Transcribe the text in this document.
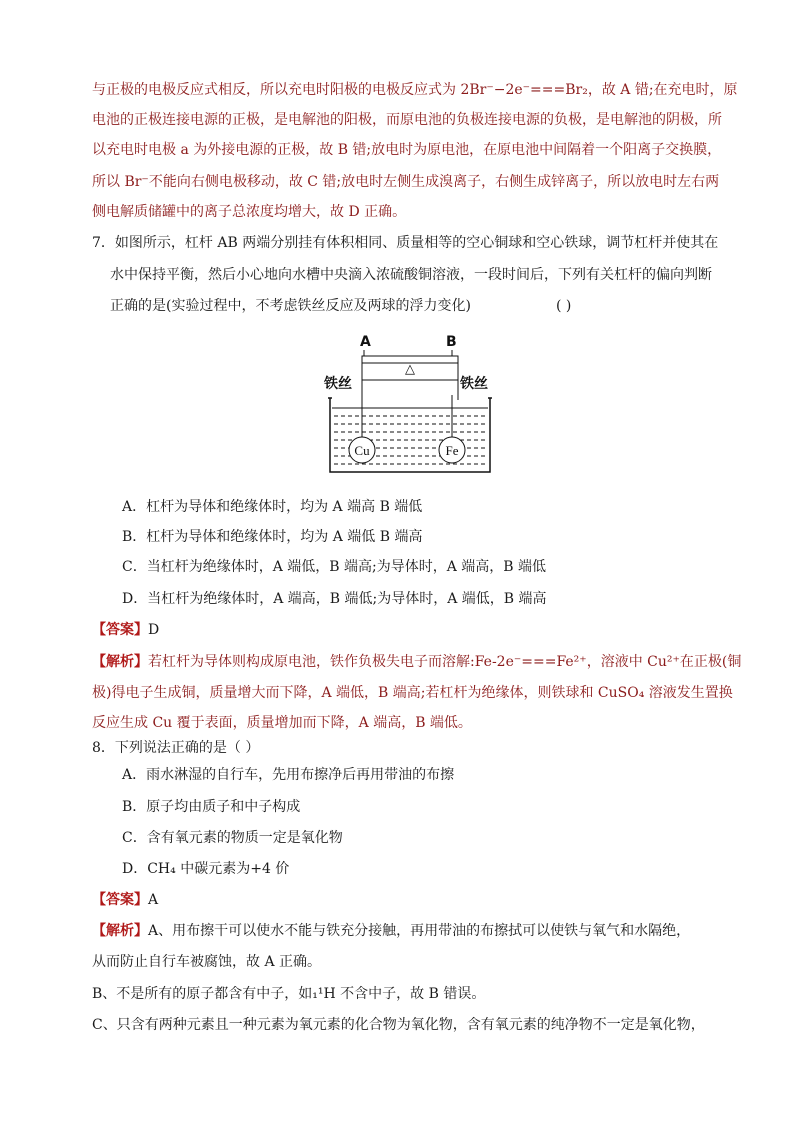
与正极的电极反应式相反，所以充电时阳极的电极反应式为 2Br⁻−2e⁻===Br₂，故 A 错;在充电时，原
电池的正极连接电源的正极，是电解池的阳极，而原电池的负极连接电源的负极，是电解池的阴极，所
以充电时电极 a 为外接电源的正极，故 B 错;放电时为原电池，在原电池中间隔着一个阳离子交换膜，
所以 Br⁻不能向右侧电极移动，故 C 错;放电时左侧生成溴离子，右侧生成锌离子，所以放电时左右两
侧电解质储罐中的离子总浓度均增大，故 D 正确。
7．如图所示，杠杆 AB 两端分别挂有体积相同、质量相等的空心铜球和空心铁球，调节杠杆并使其在
水中保持平衡，然后小心地向水槽中央滴入浓硫酸铜溶液，一段时间后，下列有关杠杆的偏向判断
正确的是(实验过程中，不考虑铁丝反应及两球的浮力变化)	( )
A	B
△
铁丝	铁丝
Cu	Fe
A．杠杆为导体和绝缘体时，均为 A 端高 B 端低
B．杠杆为导体和绝缘体时，均为 A 端低 B 端高
C．当杠杆为绝缘体时，A 端低，B 端高;为导体时，A 端高，B 端低
D．当杠杆为绝缘体时，A 端高，B 端低;为导体时，A 端低，B 端高
【答案】D
【解析】若杠杆为导体则构成原电池，铁作负极失电子而溶解:Fe-2e⁻===Fe²⁺，溶液中 Cu²⁺在正极(铜
极)得电子生成铜，质量增大而下降，A 端低，B 端高;若杠杆为绝缘体，则铁球和 CuSO₄ 溶液发生置换
反应生成 Cu 覆于表面，质量增加而下降，A 端高，B 端低。
8．下列说法正确的是（ ）
A．雨水淋湿的自行车，先用布擦净后再用带油的布擦
B．原子均由质子和中子构成
C．含有氧元素的物质一定是氧化物
D．CH₄ 中碳元素为+4 价
【答案】A
【解析】A、用布擦干可以使水不能与铁充分接触，再用带油的布擦拭可以使铁与氧气和水隔绝，
从而防止自行车被腐蚀，故 A 正确。
B、不是所有的原子都含有中子，如₁¹H 不含中子，故 B 错误。
C、只含有两种元素且一种元素为氧元素的化合物为氧化物，含有氧元素的纯净物不一定是氧化物，
